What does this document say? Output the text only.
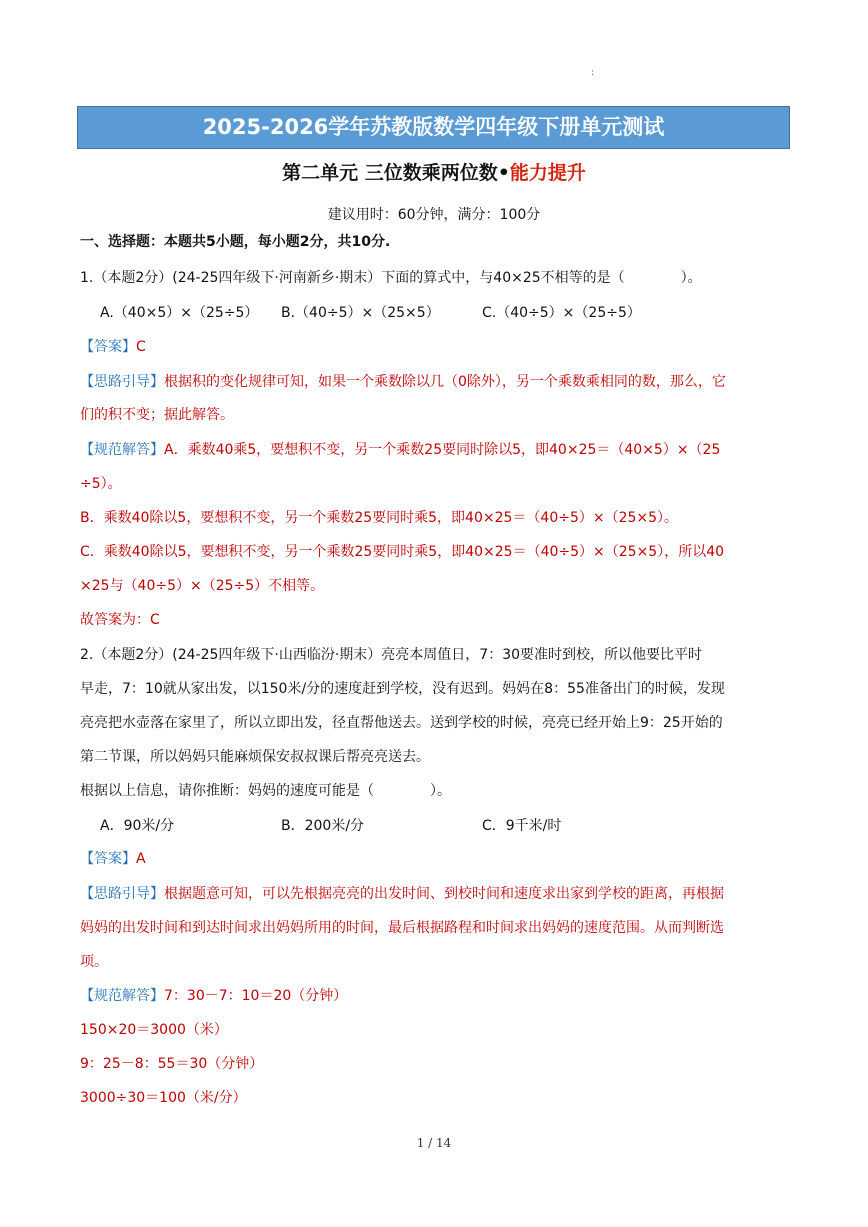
:
2025-2026学年苏教版数学四年级下册单元测试
第二单元 三位数乘两位数•能力提升
建议用时：60分钟，满分：100分
一、选择题：本题共5小题，每小题2分，共10分.
1.（本题2分）(24-25四年级下·河南新乡·期末）下面的算式中，与40×25不相等的是（　　　　）。
A.（40×5）×（25÷5） B.（40÷5）×（25×5）	C.（40÷5）×（25÷5）
【答案】C
【思路引导】根据积的变化规律可知，如果一个乘数除以几（0除外），另一个乘数乘相同的数，那么，它
们的积不变；据此解答。
【规范解答】A．乘数40乘5，要想积不变，另一个乘数25要同时除以5，即40×25＝（40×5）×（25
÷5）。
B．乘数40除以5，要想积不变，另一个乘数25要同时乘5，即40×25＝（40÷5）×（25×5）。
C．乘数40除以5，要想积不变，另一个乘数25要同时乘5，即40×25＝（40÷5）×（25×5），所以40
×25与（40÷5）×（25÷5）不相等。
故答案为：C
2.（本题2分）(24-25四年级下·山西临汾·期末）亮亮本周值日，7：30要准时到校，所以他要比平时
早走，7：10就从家出发，以150米/分的速度赶到学校，没有迟到。妈妈在8：55准备出门的时候，发现
亮亮把水壶落在家里了，所以立即出发，径直帮他送去。送到学校的时候，亮亮已经开始上9：25开始的
第二节课，所以妈妈只能麻烦保安叔叔课后帮亮亮送去。
根据以上信息，请你推断：妈妈的速度可能是（　　　　）。
A．90米/分	B．200米/分	C．9千米/时
【答案】A
【思路引导】根据题意可知，可以先根据亮亮的出发时间、到校时间和速度求出家到学校的距离，再根据
妈妈的出发时间和到达时间求出妈妈所用的时间，最后根据路程和时间求出妈妈的速度范围。从而判断选
项。
【规范解答】7：30－7：10＝20（分钟）
150×20＝3000（米）
9：25－8：55＝30（分钟）
3000÷30＝100（米/分）
1 / 14
